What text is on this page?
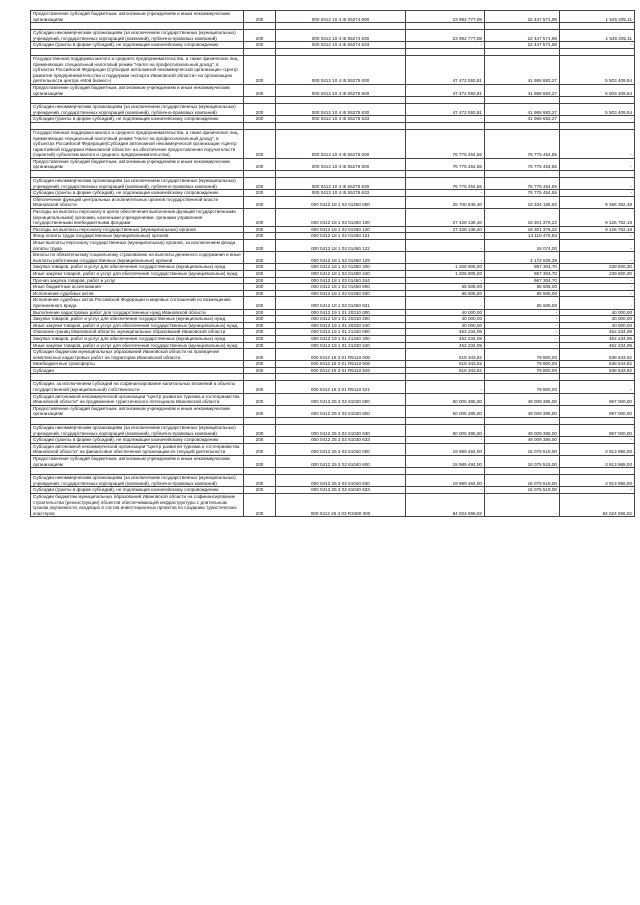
Предоставление субсидий бюджетным, автономным учреждениям и иным некоммерческим организациям	200	000 0412 10 4 I5 55274 600	23 992 777,08	22 447 571,98	1 545 205,11

Субсидии некоммерческим организациям (за исключением государственных (муниципальных) учреждений, государственных корпораций (компаний), публично-правовых компаний)	200	000 0412 10 4 I5 55274 630	23 992 777,08	22 447 571,98	1 545 205,11
Субсидии (гранты в форме субсидий), не подлежащие казначейскому сопровождению	200	000 0412 10 4 I5 55274 633	-	22 447 571,98	-

Государственная поддержка малого и среднего предпринимательства, а также физических лиц, применяющих специальный налоговый режим "Налог на профессиональный доход", в субъектах Российской Федерации (Субсидия автономной некоммерческой организации «Центр развития предпринимательства и поддержки экспорта Ивановской области» на организацию деятельности центра «Мой бизнес»)	200	000 0412 10 4 I5 55275 000	47 472 092,81	41 968 683,27	5 503 409,54
Предоставление субсидий бюджетным, автономным учреждениям и иным некоммерческим организациям	200	000 0412 10 4 I5 55275 600	47 472 092,81	41 968 683,27	5 503 409,54

Субсидии некоммерческим организациям (за исключением государственных (муниципальных) учреждений, государственных корпораций (компаний), публично-правовых компаний)	200	000 0412 10 4 I5 55275 630	47 472 092,81	41 968 683,27	5 503 409,54
Субсидии (гранты в форме субсидий), не подлежащие казначейскому сопровождению	200	000 0412 10 4 I5 55275 633	-	41 968 683,27	-

Государственная поддержка малого и среднего предпринимательства, а также физических лиц, применяющих специальный налоговый режим "Налог на профессиональный доход", в субъектах Российской Федерации(Субсидия автономной некоммерческой организации «Центр гарантийной поддержки Ивановской области» на обеспечение предоставления поручительств (гарантий) субъектам малого и среднего предпринимательства)	200	000 0412 10 4 I5 55276 000	76 775 454,55	76 775 454,55	-
Предоставление субсидий бюджетным, автономным учреждениям и иным некоммерческим организациям	200	000 0412 10 4 I5 55276 600	76 775 454,55	76 775 454,55	-

Субсидии некоммерческим организациям (за исключением государственных (муниципальных) учреждений, государственных корпораций (компаний), публично-правовых компаний)	200	000 0412 10 4 I5 55276 630	76 775 454,55	76 775 454,55	-
Субсидии (гранты в форме субсидий), не подлежащие казначейскому сопровождению	200	000 0412 10 4 I5 55276 633	-	76 775 454,55	-
Обеспечение функций центральных исполнительных органов государственной власти Ивановской области	200	000 0412 18 1 02 01450 000	28 700 548,40	19 334 185,92	9 366 362,48
Расходы на выплаты персоналу в целях обеспечения выполнения функций государственными (муниципальными) органами, казенными учреждениями, органами управления государственными внебюджетными фондами	200	000 0412 18 1 02 01450 100	27 428 138,40	18 301 376,22	9 126 762,18
Расходы на выплаты персоналу государственных (муниципальных) органов	200	000 0412 18 1 02 01450 120	27 428 138,40	18 301 376,22	9 126 762,18
Фонд оплаты труда государственных (муниципальных) органов	200	000 0412 18 1 02 01450 121	-	14 110 475,83	-
Иные выплаты персоналу государственных (муниципальных) органов, за исключением фонда оплаты труда	200	000 0412 18 1 02 01450 122	-	18 074,00	-
Взносы по обязательному социальному страхованию на выплаты денежного содержания и иные выплаты работникам государственных (муниципальных) органов	200	000 0412 18 1 02 01450 129	-	4 172 826,39	-
Закупка товаров, работ и услуг для обеспечения государственных (муниципальных) нужд	200	000 0412 18 1 02 01450 200	1 206 905,00	967 304,70	239 600,30
Иные закупки товаров, работ и услуг для обеспечения государственных (муниципальных) нужд	200	000 0412 18 1 02 01450 240	1 206 905,00	967 304,70	239 600,30
Прочая закупка товаров, работ и услуг	200	000 0412 18 1 02 01450 244	-	967 304,70	-
Иные бюджетные ассигнования	200	000 0412 18 1 02 01450 800	65 505,00	65 505,00	-
Исполнение судебных актов	200	000 0412 18 1 02 01450 830	65 505,00	65 505,00	-
Исполнение судебных актов Российской Федерации и мировых соглашений по возмещению причиненного вреда	200	000 0412 18 1 02 01450 831	-	65 505,00	-
Выполнение кадастровых работ для государственных нужд Ивановской области	200	000 0412 19 1 01 20310 000	40 000,00	-	40 000,00
Закупка товаров, работ и услуг для обеспечения государственных (муниципальных) нужд	200	000 0412 19 1 01 20310 200	40 000,00	-	40 000,00
Иные закупки товаров, работ и услуг для обеспечения государственных (муниципальных) нужд	200	000 0412 19 1 01 20310 240	40 000,00	-	40 000,00
Описание границ Ивановской области, муниципальных образований Ивановской области	200	000 0412 19 1 01 21340 000	452 234,09	-	452 234,09
Закупка товаров, работ и услуг для обеспечения государственных (муниципальных) нужд	200	000 0412 19 1 01 21340 200	452 234,09	-	452 234,09
Иные закупки товаров, работ и услуг для обеспечения государственных (муниципальных) нужд	200	000 0412 19 1 01 21340 240	452 234,09	-	452 234,09
Субсидии бюджетам муниципальных образований Ивановской области на проведение комплексных кадастровых работ на территории Ивановской области	200	000 0412 19 3 01 R5110 000	618 343,62	79 800,00	538 543,62
Межбюджетные трансферты	200	000 0412 19 3 01 R5110 500	618 343,62	79 800,00	538 543,62
Субсидии	200	000 0412 19 3 01 R5110 520	618 343,62	79 800,00	538 543,62

Субсидии, за исключением субсидий на софинансирование капитальных вложений в объекты государственной (муниципальной) собственности	200	000 0412 19 3 01 R5110 521	-	79 800,00	-
Субсидия автономной некоммерческой организации "Центр развития туризма и гостеприимства Ивановской области" на продвижение туристического потенциала Ивановской области	200	000 0412 25 3 02 61030 000	50 006 385,00	49 009 385,00	997 000,00
Предоставление субсидий бюджетным, автономным учреждениям и иным некоммерческим организациям	200	000 0412 25 3 02 61030 600	50 006 385,00	49 009 385,00	997 000,00

Субсидии некоммерческим организациям (за исключением государственных (муниципальных) учреждений, государственных корпораций (компаний), публично-правовых компаний)	200	000 0412 25 3 02 61030 630	50 006 385,00	49 009 385,00	997 000,00
Субсидии (гранты в форме субсидий), не подлежащие казначейскому сопровождению	200	000 0412 25 3 02 61030 633	-	49 009 385,00	-
Субсидия автономной некоммерческой организации "Центр развития туризма и гостеприимства Ивановской области" на финансовое обеспечение организации ее текущей деятельности	200	000 0412 25 3 02 61040 000	19 989 484,00	16 075 519,00	3 913 965,00
Предоставление субсидий бюджетным, автономным учреждениям и иным некоммерческим организациям	200	000 0412 25 3 02 61040 600	19 989 484,00	16 075 519,00	3 913 965,00

Субсидии некоммерческим организациям (за исключением государственных (муниципальных) учреждений, государственных корпораций (компаний), публично-правовых компаний)	200	000 0412 25 3 02 61040 630	19 989 484,00	16 075 519,00	3 913 965,00
Субсидии (гранты в форме субсидий), не подлежащие казначейскому сопровождению	200	000 0412 25 3 02 61040 633	-	16 075 519,00	-
Субсидии бюджетам муниципальных образований Ивановской области на софинансирование строительства (реконструкции) объектов обеспечивающей инфраструктуры с длительным сроком окупаемости, входящих в состав инвестиционных проектов по созданию туристических кластеров	200	000 0412 25 3 03 R3480 000	84 024 066,02	-	84 024 066,02
